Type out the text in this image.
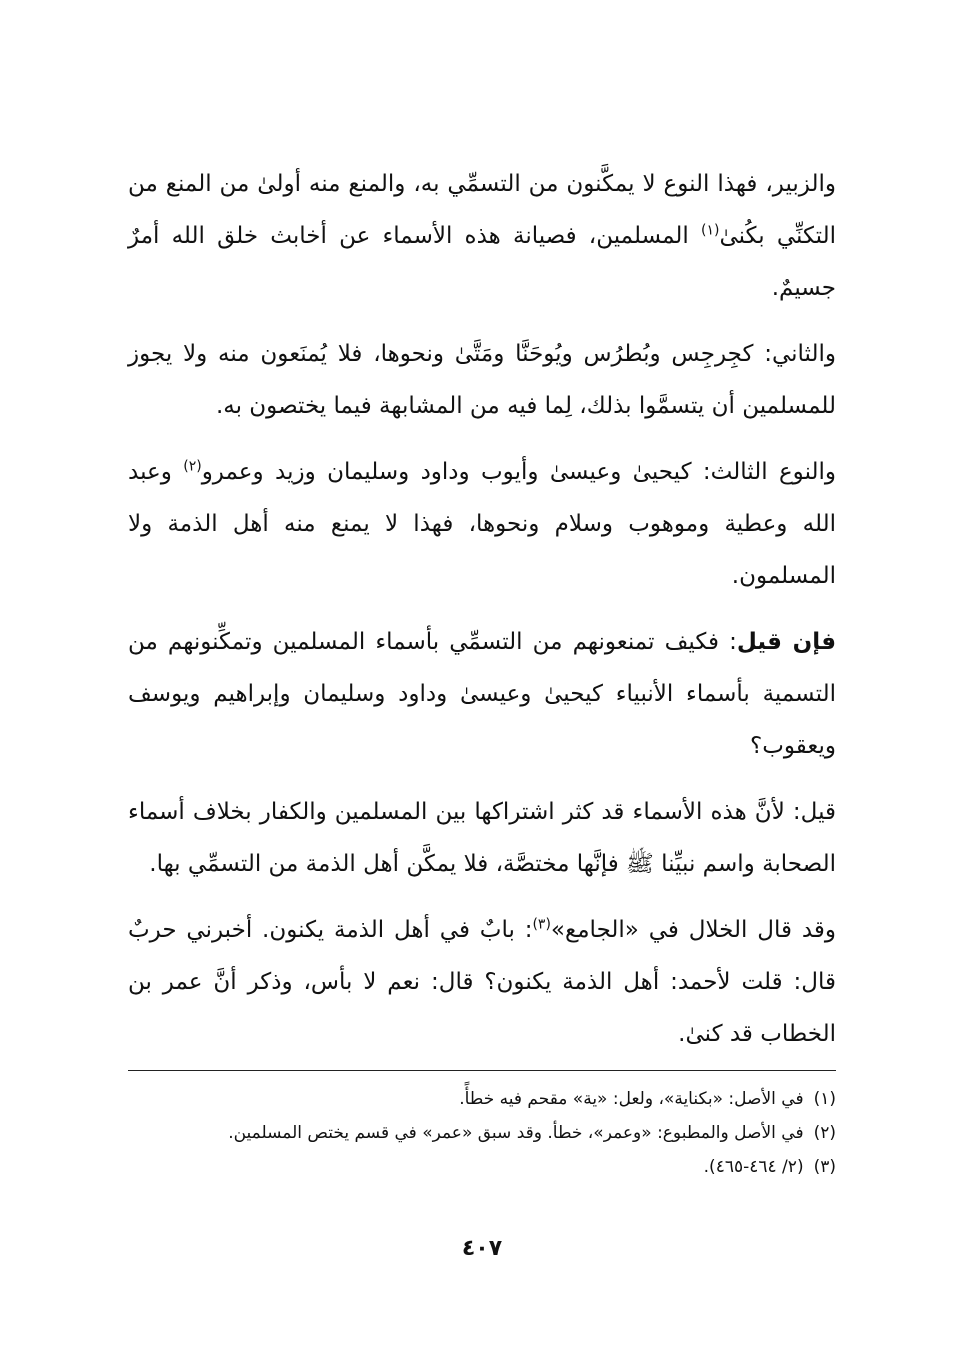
والزبير، فهذا النوع لا يمكَّنون من التسمِّي به، والمنع منه أولىٰ من المنع من التكنِّي بكُنىٰ$^{(١)}$ المسلمين، فصيانة هذه الأسماء عن أخابث خلق الله أمرٌ جسيمٌ.

والثاني: كجِرجِس وبُطرُس ويُوحَنَّا ومَتَّىٰ ونحوها، فلا يُمنَعون منه ولا يجوز للمسلمين أن يتسمَّوا بذلك، لِما فيه من المشابهة فيما يختصون به.

والنوع الثالث: كيحيىٰ وعيسىٰ وأيوب وداود وسليمان وزيد وعمرو$^{(٢)}$ وعبد الله وعطية وموهوب وسلام ونحوها، فهذا لا يمنع منه أهل الذمة ولا المسلمون.

فإن قيل: فكيف تمنعونهم من التسمِّي بأسماء المسلمين وتمكِّنونهم من التسمية بأسماء الأنبياء كيحيىٰ وعيسىٰ وداود وسليمان وإبراهيم ويوسف ويعقوب؟

قيل: لأنَّ هذه الأسماء قد كثر اشتراكها بين المسلمين والكفار بخلاف أسماء الصحابة واسم نبيِّنا ﷺ فإنَّها مختصَّة، فلا يمكَّن أهل الذمة من التسمِّي بها.

وقد قال الخلال في «الجامع»$^{(٣)}$: بابٌ في أهل الذمة يكنون. أخبرني حربٌ قال: قلت لأحمد: أهل الذمة يكنون؟ قال: نعم لا بأس، وذكر أنَّ عمر بن الخطاب قد كنىٰ.

(١)في الأصل: «بكناية»، ولعل: «ية» مقحم فيه خطأً.
(٢)في الأصل والمطبوع: «وعمر»، خطأ. وقد سبق «عمر» في قسم يختص المسلمين.
(٣)(٢/ ٤٦٤-٤٦٥).
٤٠٧
